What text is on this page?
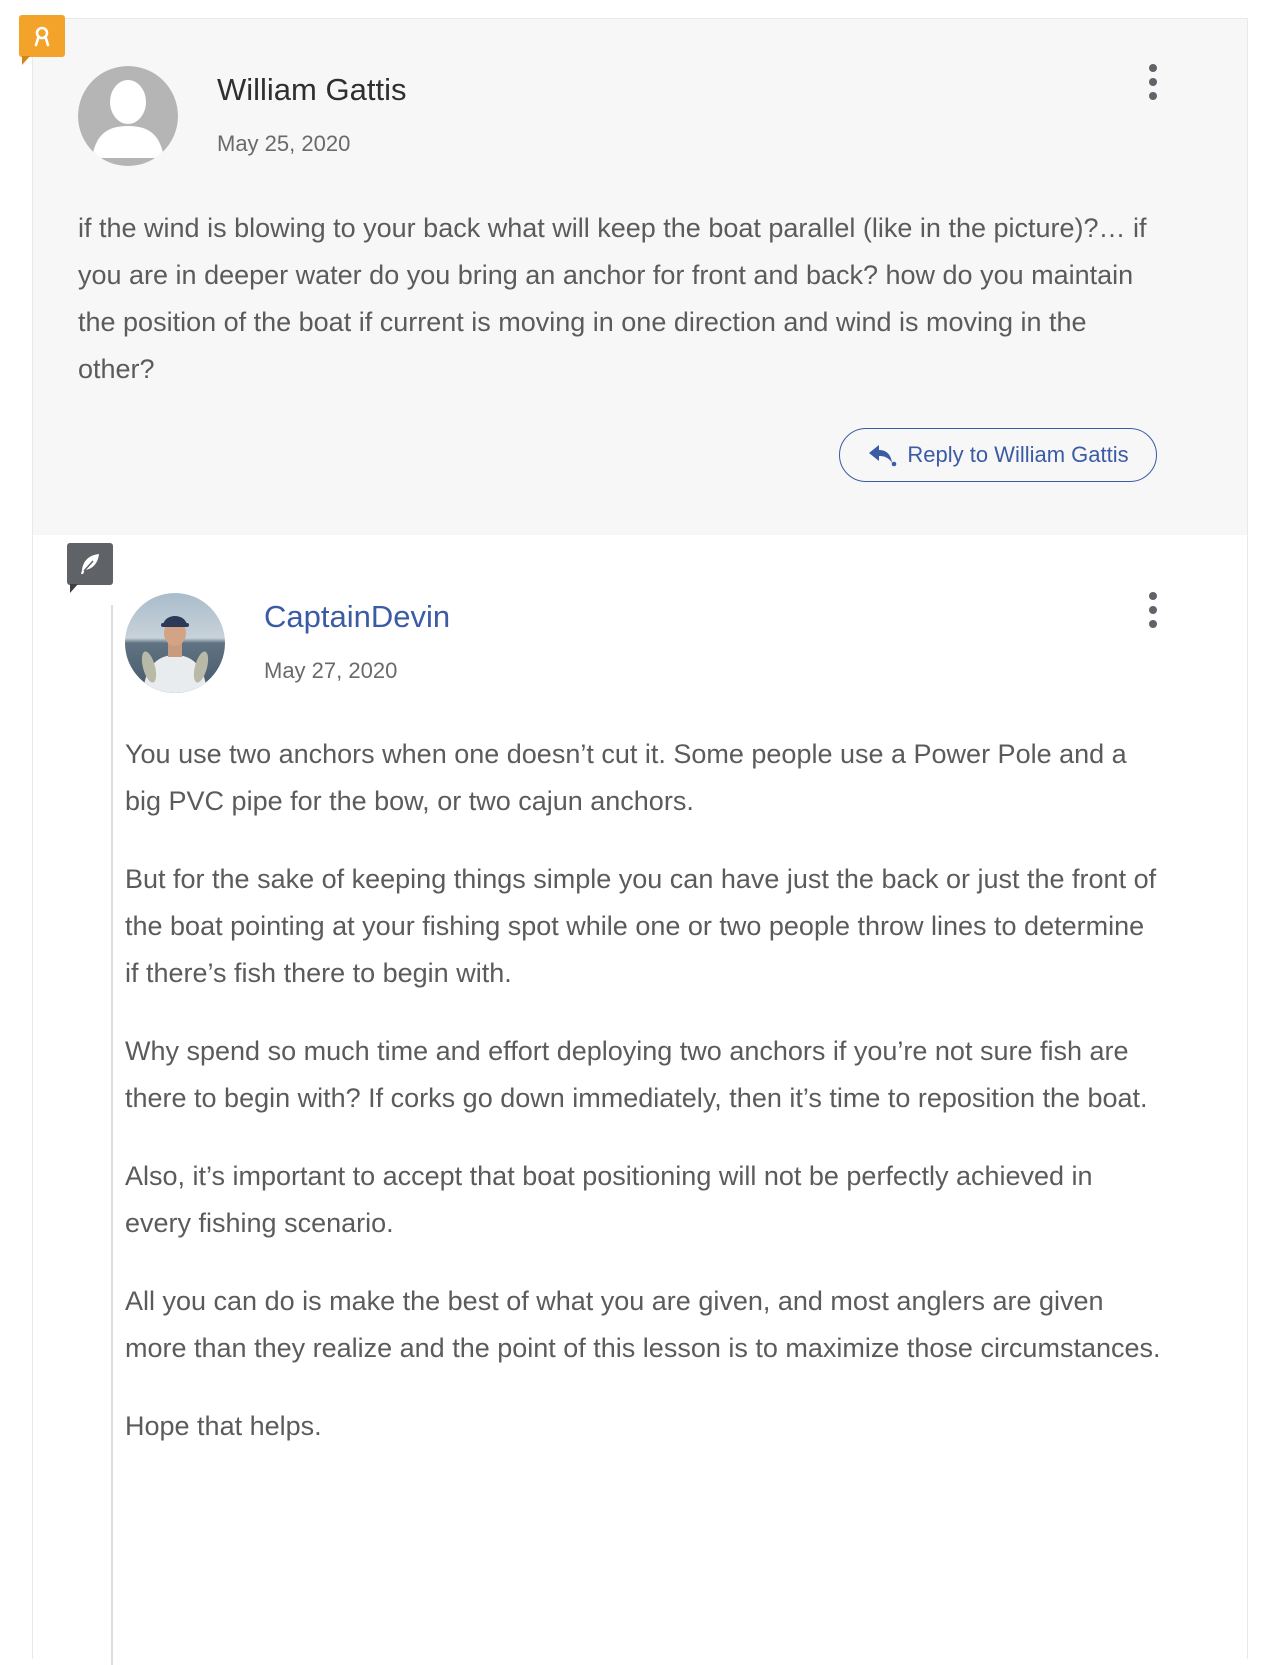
William Gattis
May 25, 2020

if the wind is blowing to your back what will keep the boat parallel (like in the picture)?… if you are in deeper water do you bring an anchor for front and back? how do you maintain the position of the boat if current is moving in one direction and wind is moving in the other?

Reply to William Gattis
CaptainDevin
May 27, 2020

You use two anchors when one doesn’t cut it. Some people use a Power Pole and a big PVC pipe for the bow, or two cajun anchors.

But for the sake of keeping things simple you can have just the back or just the front of the boat pointing at your fishing spot while one or two people throw lines to determine if there’s fish there to begin with.

Why spend so much time and effort deploying two anchors if you’re not sure fish are there to begin with? If corks go down immediately, then it’s time to reposition the boat.

Also, it’s important to accept that boat positioning will not be perfectly achieved in every fishing scenario.

All you can do is make the best of what you are given, and most anglers are given more than they realize and the point of this lesson is to maximize those circumstances.

Hope that helps.
